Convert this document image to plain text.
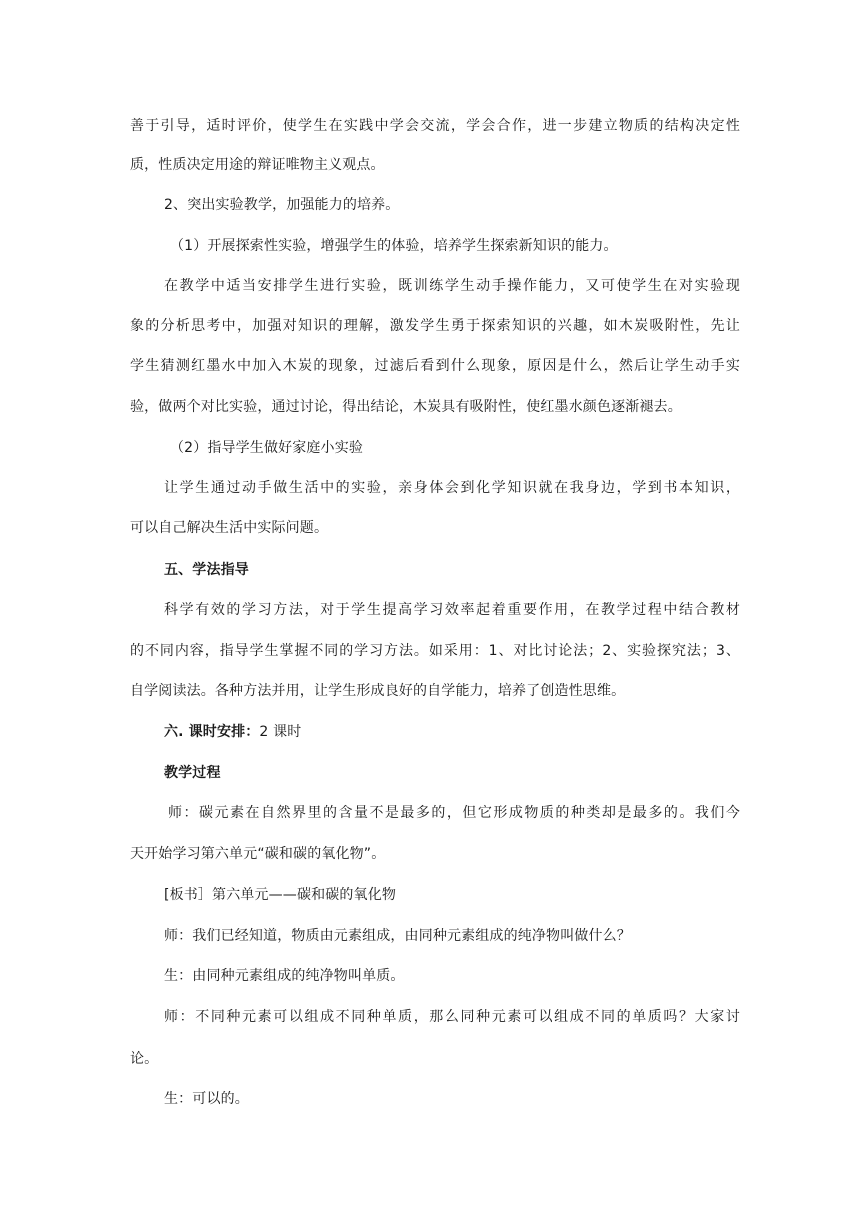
善于引导，适时评价，使学生在实践中学会交流，学会合作，进一步建立物质的结构决定性
质，性质决定用途的辩证唯物主义观点。
2、突出实验教学，加强能力的培养。
（1）开展探索性实验，增强学生的体验，培养学生探索新知识的能力。
在教学中适当安排学生进行实验，既训练学生动手操作能力，又可使学生在对实验现
象的分析思考中，加强对知识的理解，激发学生勇于探索知识的兴趣，如木炭吸附性，先让
学生猜测红墨水中加入木炭的现象，过滤后看到什么现象，原因是什么，然后让学生动手实
验，做两个对比实验，通过讨论，得出结论，木炭具有吸附性，使红墨水颜色逐渐褪去。
（2）指导学生做好家庭小实验
让学生通过动手做生活中的实验，亲身体会到化学知识就在我身边，学到书本知识，
可以自己解决生活中实际问题。
五、学法指导
科学有效的学习方法，对于学生提高学习效率起着重要作用，在教学过程中结合教材
的不同内容，指导学生掌握不同的学习方法。如采用：1、对比讨论法；2、实验探究法；3、
自学阅读法。各种方法并用，让学生形成良好的自学能力，培养了创造性思维。
六. 课时安排：2 课时
教学过程
师：碳元素在自然界里的含量不是最多的，但它形成物质的种类却是最多的。我们今
天开始学习第六单元“碳和碳的氧化物”。
[板书］第六单元——碳和碳的氧化物
师：我们已经知道，物质由元素组成，由同种元素组成的纯净物叫做什么？
生：由同种元素组成的纯净物叫单质。
师：不同种元素可以组成不同种单质，那么同种元素可以组成不同的单质吗？大家讨
论。
生：可以的。
